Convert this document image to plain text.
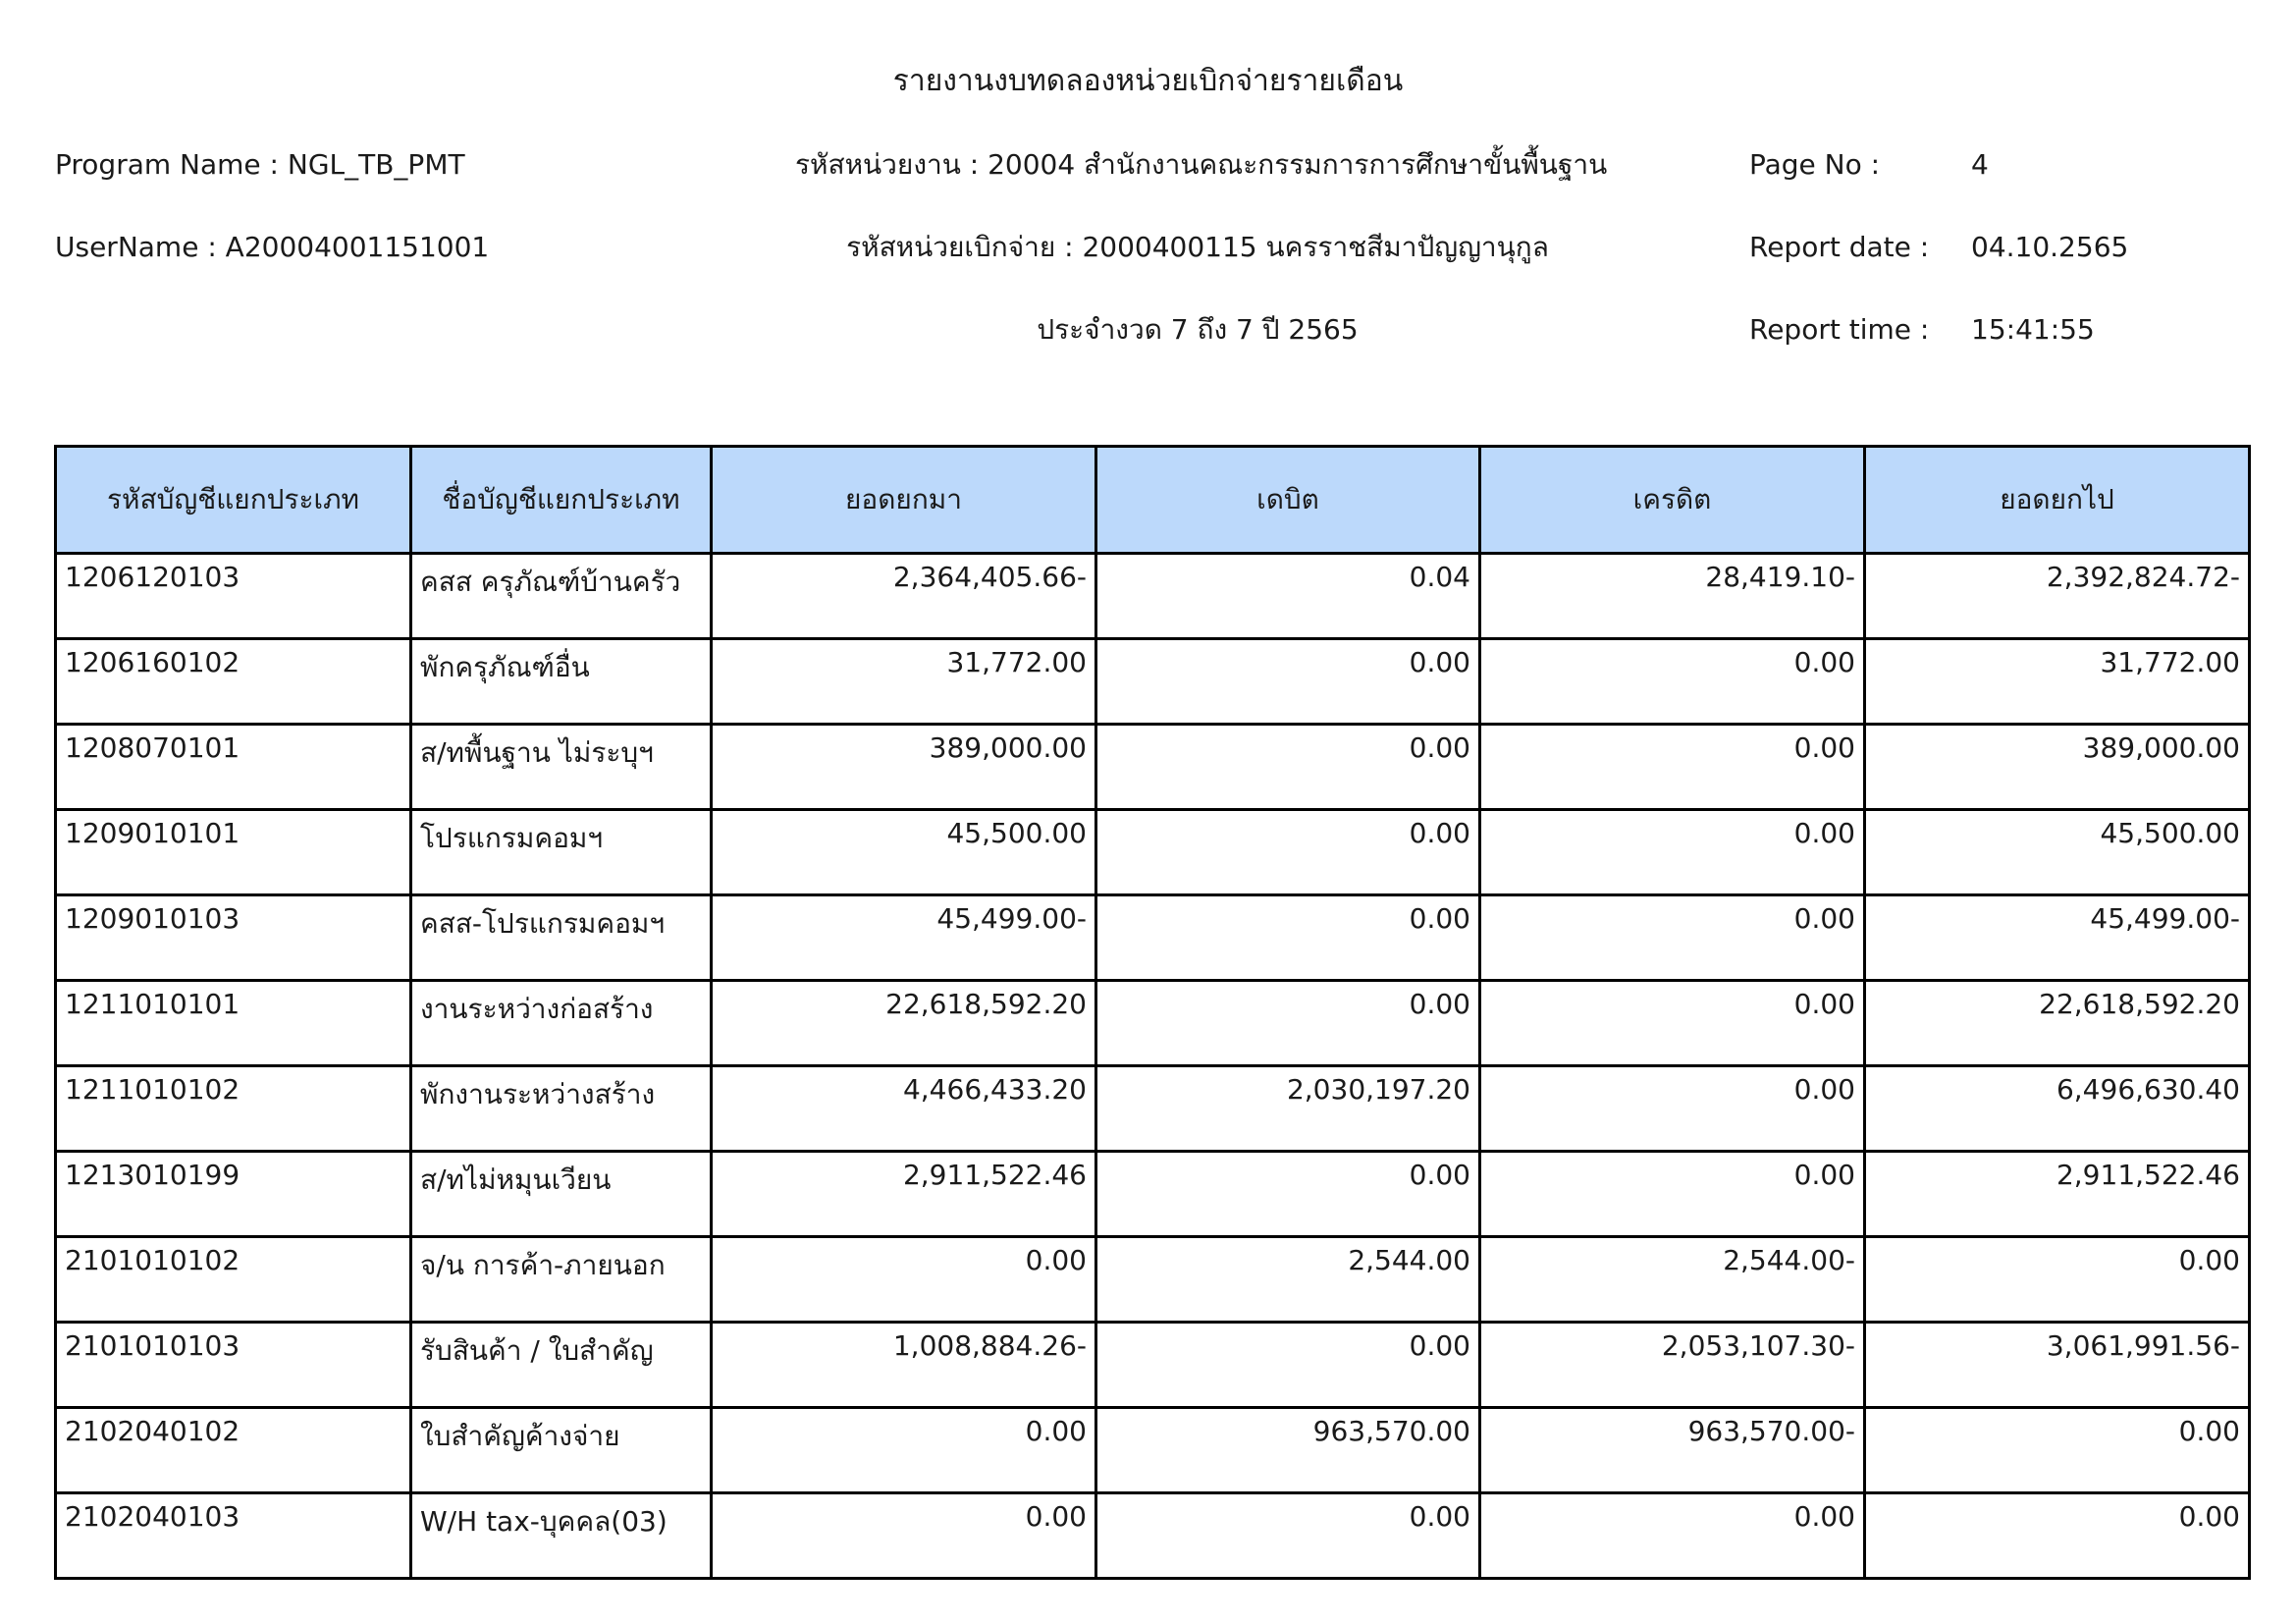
รายงานงบทดลองหน่วยเบิกจ่ายรายเดือน
Program Name : NGL_TB_PMT
UserName : A20004001151001
รหัสหน่วยงาน : 20004 สำนักงานคณะกรรมการการศึกษาขั้นพื้นฐาน
รหัสหน่วยเบิกจ่าย : 2000400115 นครราชสีมาปัญญานุกูล
ประจำงวด 7 ถึง 7 ปี 2565
Page No :	4
Report date : 04.10.2565
Report time : 15:41:55
รหัสบัญชีแยกประเภท	ชื่อบัญชีแยกประเภท	ยอดยกมา	เดบิต	เครดิต	ยอดยกไป
1206120103	คสส ครุภัณฑ์บ้านครัว	2,364,405.66-	0.04	28,419.10-	2,392,824.72-
1206160102	พักครุภัณฑ์อื่น	31,772.00	0.00	0.00	31,772.00
1208070101	ส/ทพื้นฐาน ไม่ระบุฯ	389,000.00	0.00	0.00	389,000.00
1209010101	โปรแกรมคอมฯ	45,500.00	0.00	0.00	45,500.00
1209010103	คสส-โปรแกรมคอมฯ	45,499.00-	0.00	0.00	45,499.00-
1211010101	งานระหว่างก่อสร้าง	22,618,592.20	0.00	0.00	22,618,592.20
1211010102	พักงานระหว่างสร้าง	4,466,433.20	2,030,197.20	0.00	6,496,630.40
1213010199	ส/ทไม่หมุนเวียน	2,911,522.46	0.00	0.00	2,911,522.46
2101010102	จ/น การค้า-ภายนอก	0.00	2,544.00	2,544.00-	0.00
2101010103	รับสินค้า / ใบสำคัญ	1,008,884.26-	0.00	2,053,107.30-	3,061,991.56-
2102040102	ใบสำคัญค้างจ่าย	0.00	963,570.00	963,570.00-	0.00
2102040103	W/H tax-บุคคล(03)	0.00	0.00	0.00	0.00
